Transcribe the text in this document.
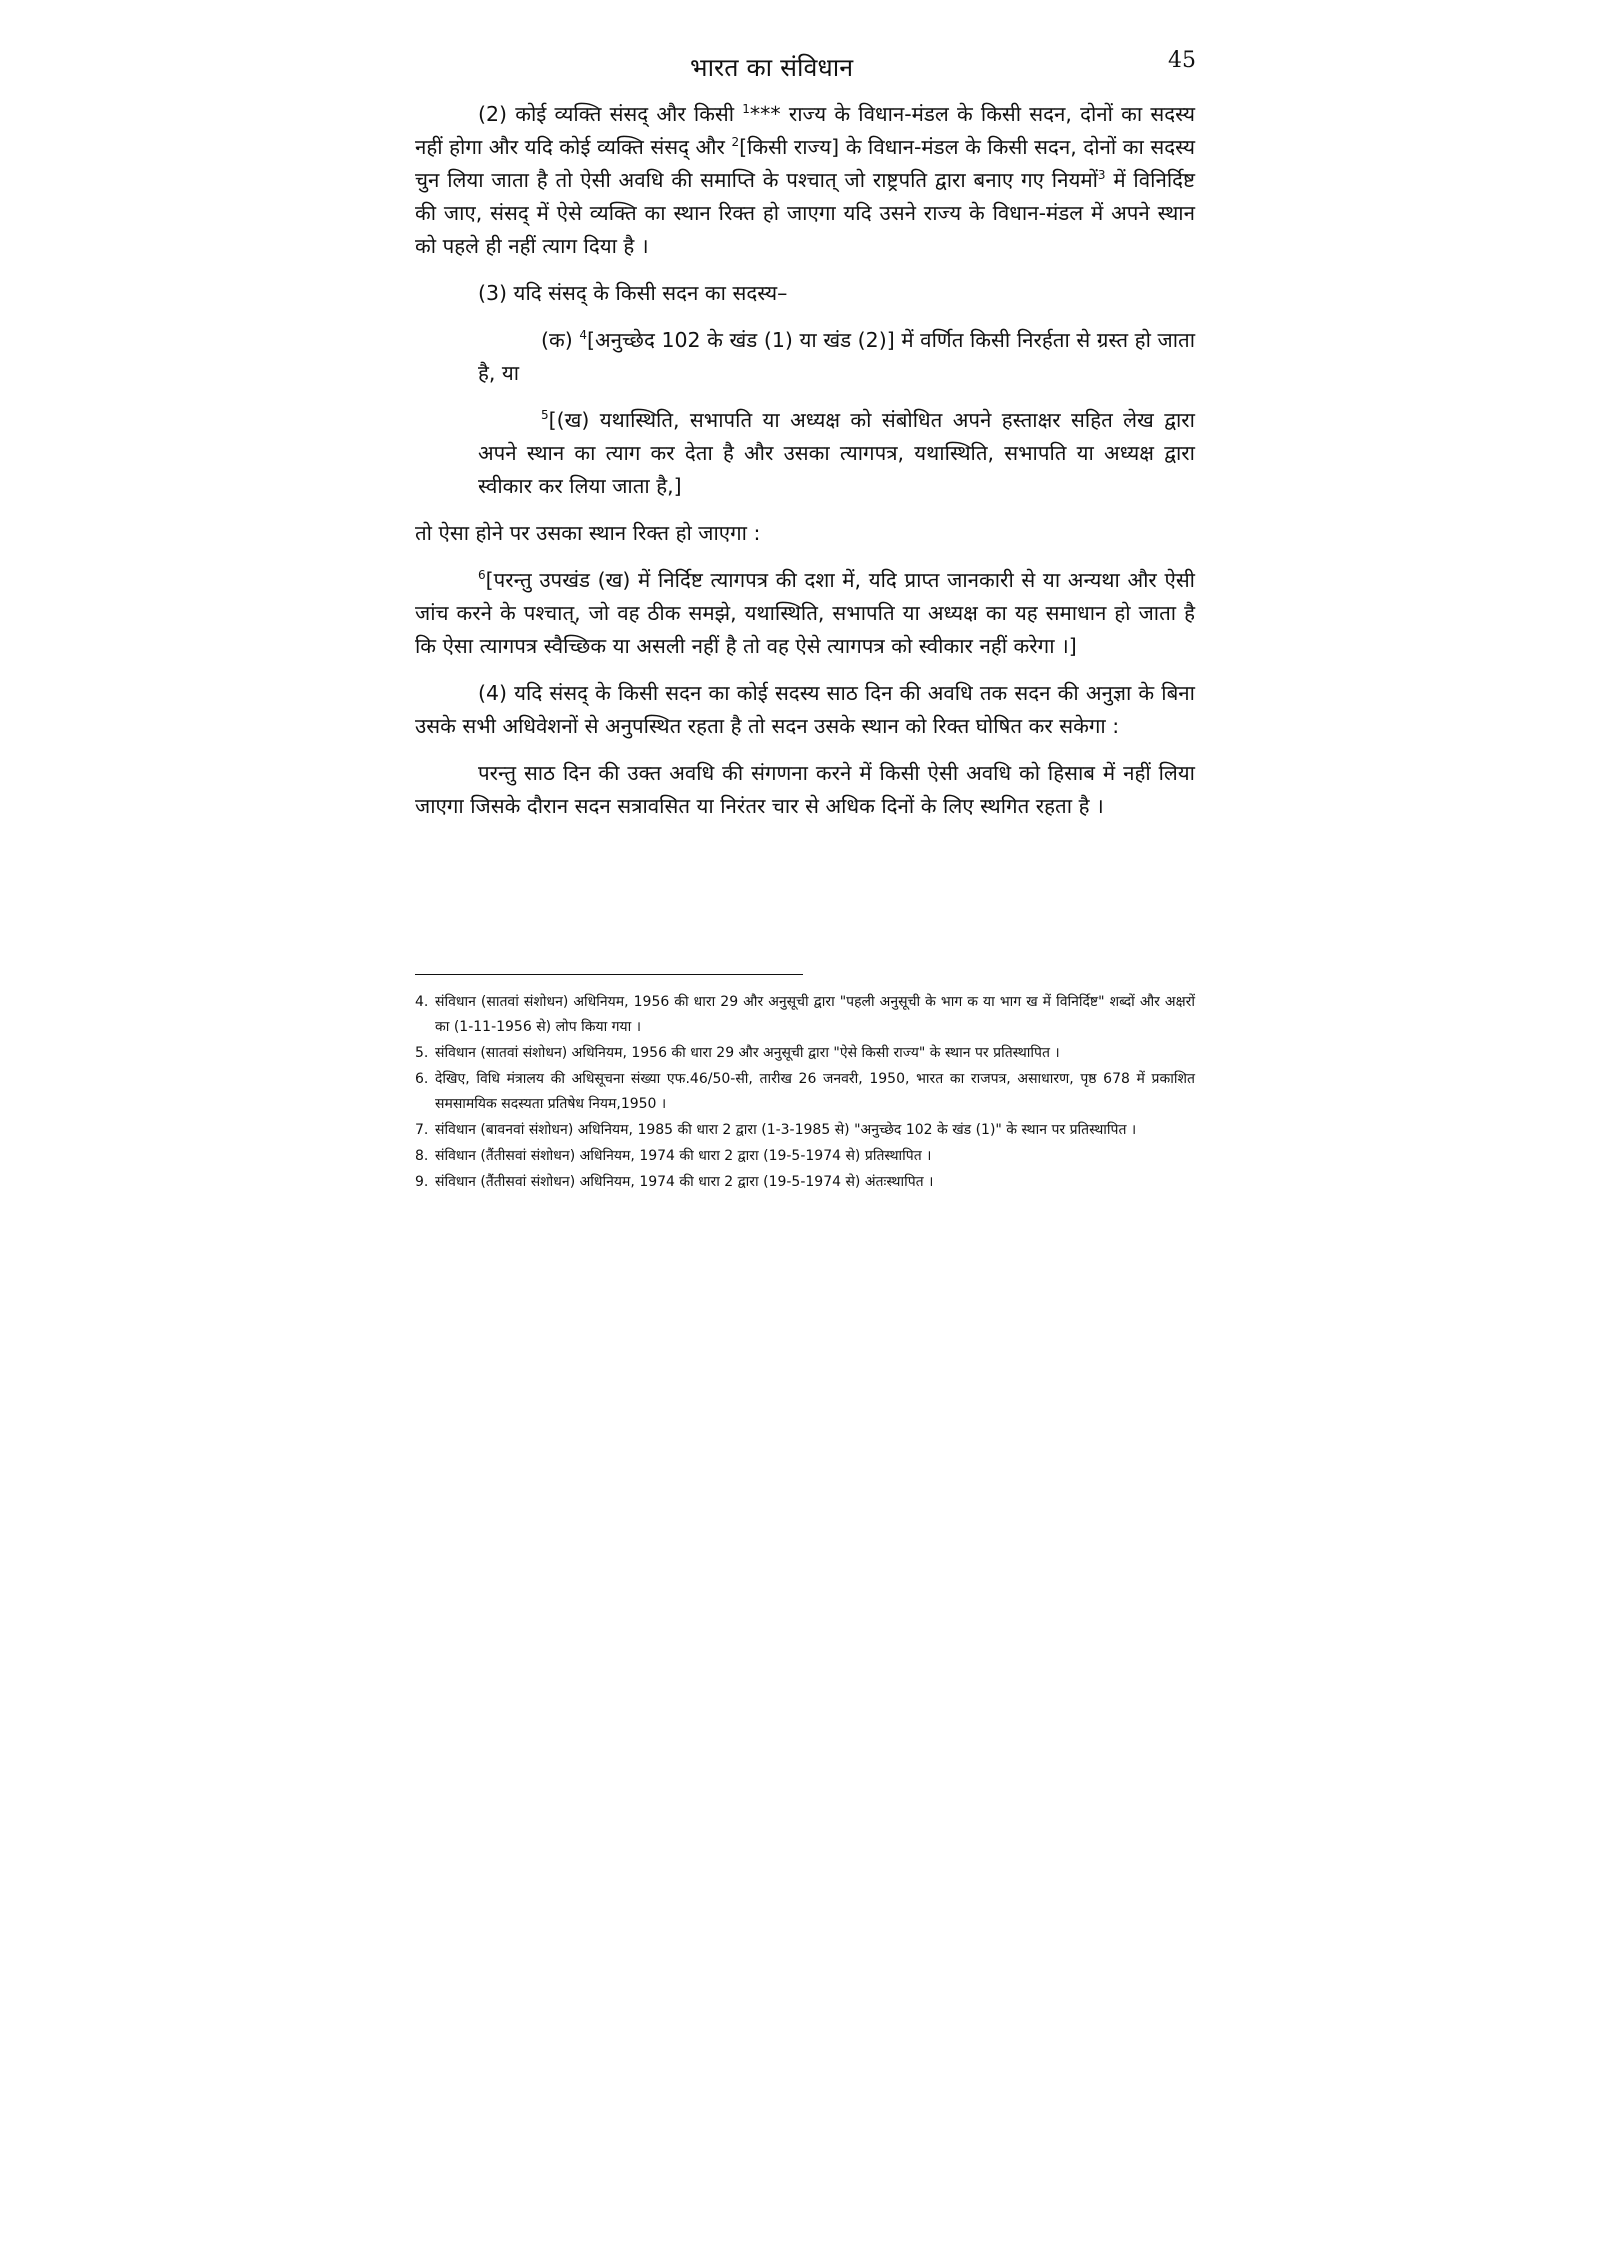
भारत का संविधान	45

(2) कोई व्यक्ति संसद् और किसी $^1$*** राज्य के विधान-मंडल के किसी सदन, दोनों का सदस्य नहीं होगा और यदि कोई व्यक्ति संसद् और $^2$[किसी राज्य] के विधान-मंडल के किसी सदन, दोनों का सदस्य चुन लिया जाता है तो ऐसी अवधि की समाप्ति के पश्चात् जो राष्ट्रपति द्वारा बनाए गए नियमों$^3$ में विनिर्दिष्ट की जाए, संसद् में ऐसे व्यक्ति का स्थान रिक्त हो जाएगा यदि उसने राज्य के विधान-मंडल में अपने स्थान को पहले ही नहीं त्याग दिया है ।

(3) यदि संसद् के किसी सदन का सदस्य–

(क) $^4$[अनुच्छेद 102 के खंड (1) या खंड (2)] में वर्णित किसी निरर्हता से ग्रस्त हो जाता है, या

$^5$[(ख) यथास्थिति, सभापति या अध्यक्ष को संबोधित अपने हस्ताक्षर सहित लेख द्वारा अपने स्थान का त्याग कर देता है और उसका त्यागपत्र, यथास्थिति, सभापति या अध्यक्ष द्वारा स्वीकार कर लिया जाता है,]

तो ऐसा होने पर उसका स्थान रिक्त हो जाएगा :

$^6$[परन्तु उपखंड (ख) में निर्दिष्ट त्यागपत्र की दशा में, यदि प्राप्त जानकारी से या अन्यथा और ऐसी जांच करने के पश्चात्, जो वह ठीक समझे, यथास्थिति, सभापति या अध्यक्ष का यह समाधान हो जाता है कि ऐसा त्यागपत्र स्वैच्छिक या असली नहीं है तो वह ऐसे त्यागपत्र को स्वीकार नहीं करेगा ।]

(4) यदि संसद् के किसी सदन का कोई सदस्य साठ दिन की अवधि तक सदन की अनुज्ञा के बिना उसके सभी अधिवेशनों से अनुपस्थित रहता है तो सदन उसके स्थान को रिक्त घोषित कर सकेगा :

परन्तु साठ दिन की उक्त अवधि की संगणना करने में किसी ऐसी अवधि को हिसाब में नहीं लिया जाएगा जिसके दौरान सदन सत्रावसित या निरंतर चार से अधिक दिनों के लिए स्थगित रहता है ।

4. संविधान (सातवां संशोधन) अधिनियम, 1956 की धारा 29 और अनुसूची द्वारा "पहली अनुसूची के भाग क या भाग ख में विनिर्दिष्ट" शब्दों और अक्षरों का (1-11-1956 से) लोप किया गया ।

5. संविधान (सातवां संशोधन) अधिनियम, 1956 की धारा 29 और अनुसूची द्वारा "ऐसे किसी राज्य" के स्थान पर प्रतिस्थापित ।

6. देखिए, विधि मंत्रालय की अधिसूचना संख्या एफ.46/50-सी, तारीख 26 जनवरी, 1950, भारत का राजपत्र, असाधारण, पृष्ठ 678 में प्रकाशित समसामयिक सदस्यता प्रतिषेध नियम,1950 ।

7. संविधान (बावनवां संशोधन) अधिनियम, 1985 की धारा 2 द्वारा (1-3-1985 से) "अनुच्छेद 102 के खंड (1)" के स्थान पर प्रतिस्थापित ।

8. संविधान (तैंतीसवां संशोधन) अधिनियम, 1974 की धारा 2 द्वारा (19-5-1974 से) प्रतिस्थापित ।

9. संविधान (तैंतीसवां संशोधन) अधिनियम, 1974 की धारा 2 द्वारा (19-5-1974 से) अंतःस्थापित ।
